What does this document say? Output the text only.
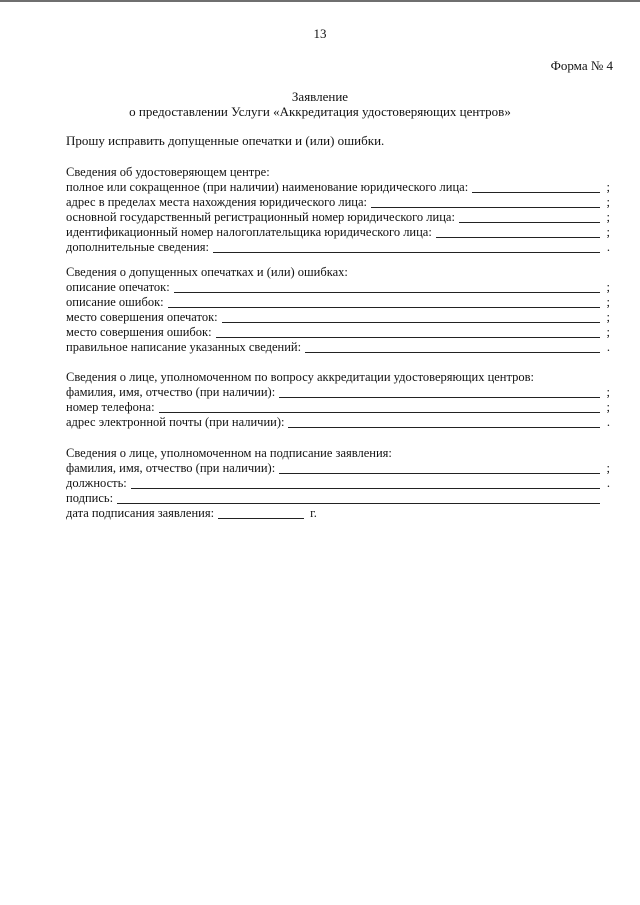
13
Форма № 4
Заявление
о предоставлении Услуги «Аккредитация удостоверяющих центров»
Прошу исправить допущенные опечатки и (или) ошибки.
Сведения об удостоверяющем центре:
полное или сокращенное (при наличии) наименование юридического лица:	;
адрес в пределах места нахождения юридического лица:	;
основной государственный регистрационный номер юридического лица:	;
идентификационный номер налогоплательщика юридического лица:	;
дополнительные сведения:	.
Сведения о допущенных опечатках и (или) ошибках:
описание опечаток:	;
описание ошибок:	;
место совершения опечаток:	;
место совершения ошибок:	;
правильное написание указанных сведений:	.
Сведения о лице, уполномоченном по вопросу аккредитации удостоверяющих центров:
фамилия, имя, отчество (при наличии):	;
номер телефона:	;
адрес электронной почты (при наличии):	.
Сведения о лице, уполномоченном на подписание заявления:
фамилия, имя, отчество (при наличии):	;
должность:	.
подпись:
дата подписания заявления:	г.
